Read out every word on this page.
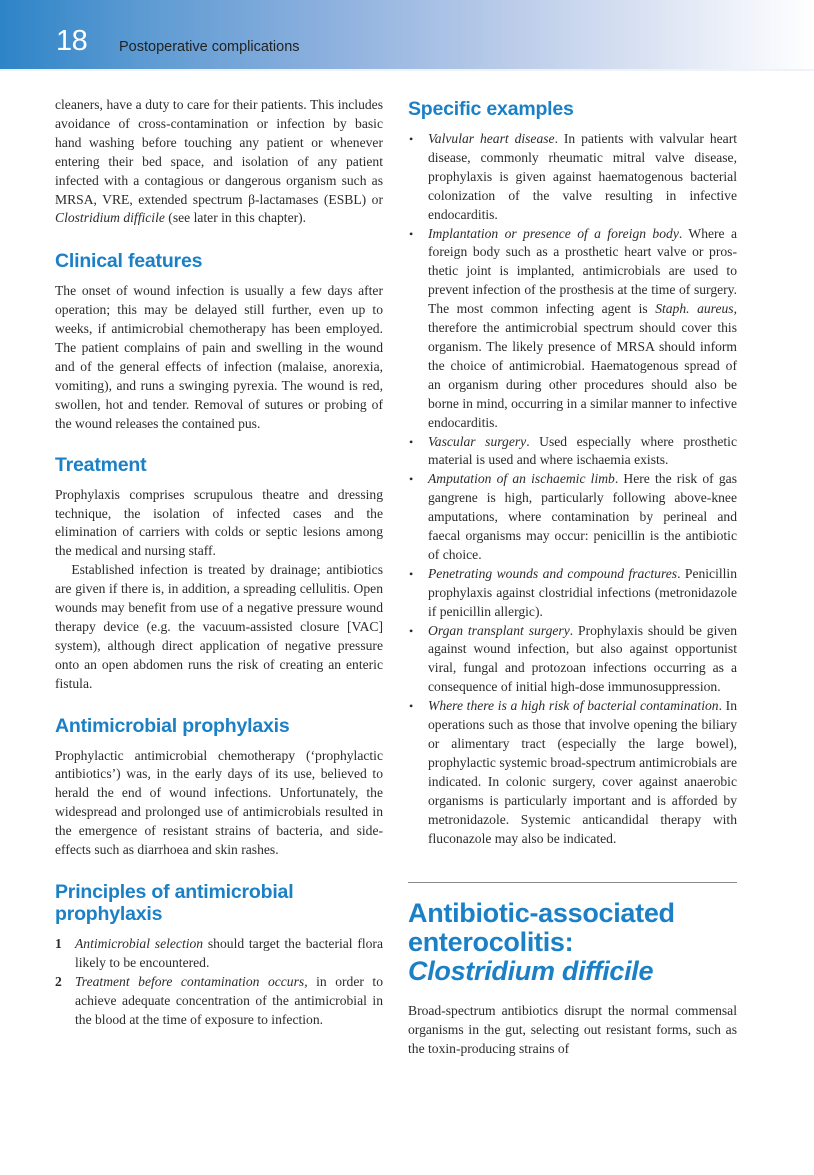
18 Postoperative complications

cleaners, have a duty to care for their patients. This includes avoidance of cross-contamination or infection by basic hand washing before touching any patient or whenever entering their bed space, and isolation of any patient infected with a contagious or dangerous organism such as MRSA, VRE, extended spectrum β-lactamases (ESBL) or Clostridium difficile (see later in this chapter).

Clinical features

The onset of wound infection is usually a few days after operation; this may be delayed still further, even up to weeks, if antimicrobial chemotherapy has been employed. The patient complains of pain and swelling in the wound and of the general effects of infection (malaise, anorexia, vomiting), and runs a swinging pyrexia. The wound is red, swollen, hot and tender. Removal of sutures or probing of the wound releases the contained pus.

Treatment

Prophylaxis comprises scrupulous theatre and dressing technique, the isolation of infected cases and the elimination of carriers with colds or septic lesions among the medical and nursing staff.

Established infection is treated by drainage; antibiotics are given if there is, in addition, a spreading cellulitis. Open wounds may benefit from use of a negative pressure wound therapy device (e.g. the vacuum-assisted closure [VAC] system), although direct application of negative pressure onto an open abdomen runs the risk of creating an enteric fistula.

Antimicrobial prophylaxis

Prophylactic antimicrobial chemotherapy (‘prophylactic antibiotics’) was, in the early days of its use, believed to herald the end of wound infections. Unfortunately, the widespread and prolonged use of antimicrobials resulted in the emergence of resistant strains of bacteria, and side-effects such as diarrhoea and skin rashes.

Principles of antimicrobial prophylaxis
1 Antimicrobial selection should target the bacterial flora likely to be encountered.
2 Treatment before contamination occurs, in order to achieve adequate concentration of the antimicrobial in the blood at the time of exposure to infection.
Specific examples
• Valvular heart disease. In patients with valvular heart disease, commonly rheumatic mitral valve disease, prophylaxis is given against haematogenous bacterial colonization of the valve resulting in infective endocarditis.
• Implantation or presence of a foreign body. Where a foreign body such as a prosthetic heart valve or prosthetic joint is implanted, antimicrobials are used to prevent infection of the prosthesis at the time of surgery. The most common infecting agent is Staph. aureus, therefore the antimicrobial spectrum should cover this organism. The likely presence of MRSA should inform the choice of antimicrobial. Haematogenous spread of an organism during other procedures should also be borne in mind, occurring in a similar manner to infective endocarditis.
• Vascular surgery. Used especially where prosthetic material is used and where ischaemia exists.
• Amputation of an ischaemic limb. Here the risk of gas gangrene is high, particularly following above-knee amputations, where contamination by perineal and faecal organisms may occur: penicillin is the antibiotic of choice.
• Penetrating wounds and compound fractures. Penicillin prophylaxis against clostridial infections (metronidazole if penicillin allergic).
• Organ transplant surgery. Prophylaxis should be given against wound infection, but also against opportunist viral, fungal and protozoan infections occurring as a consequence of initial high-dose immunosuppression.
• Where there is a high risk of bacterial contamination. In operations such as those that involve opening the biliary or alimentary tract (especially the large bowel), prophylactic systemic broad-spectrum antimicrobials are indicated. In colonic surgery, cover against anaerobic organisms is particularly important and is afforded by metronidazole. Systemic anticandidal therapy with fluconazole may also be indicated.
Antibiotic-associated
enterocolitis:
Clostridium difficile

Broad-spectrum antibiotics disrupt the normal commensal organisms in the gut, selecting out resistant forms, such as the toxin-producing strains of
